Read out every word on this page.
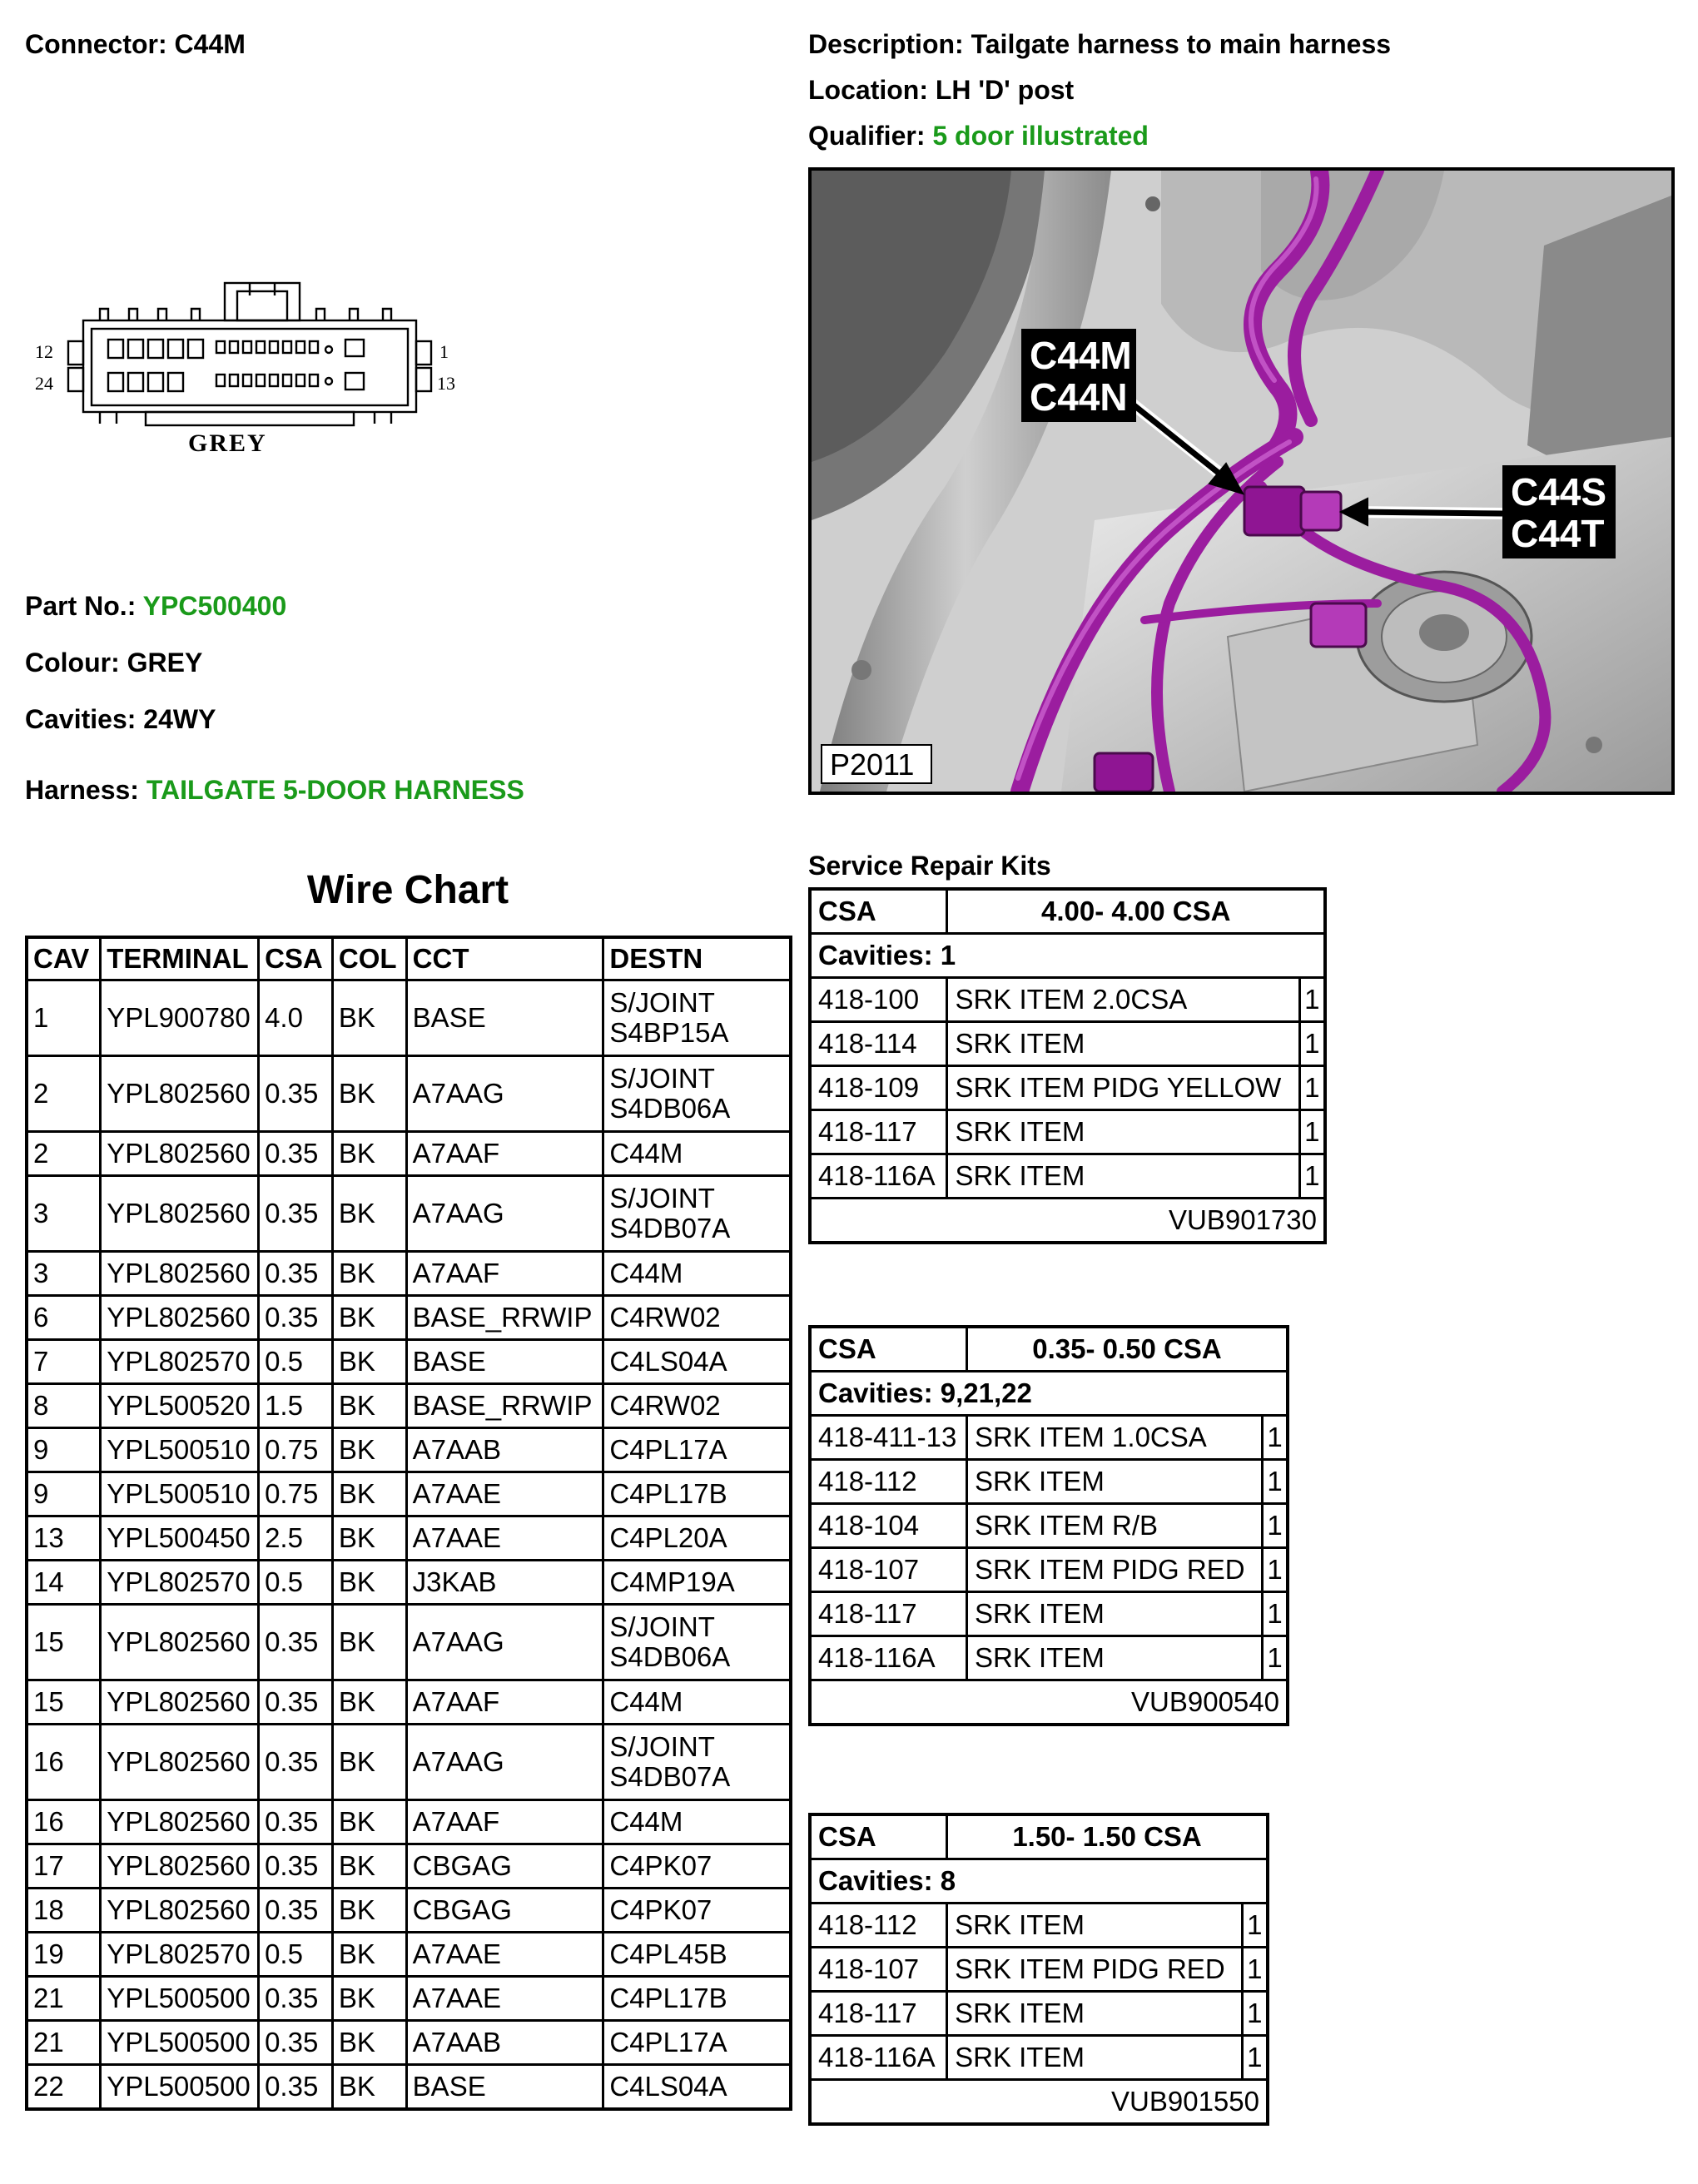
Connector: C44M	Description: Tailgate harness to main harness
Location: LH 'D' post
Qualifier: 5 door illustrated
12
24
1
13
GREY
Part No.: YPC500400
Colour: GREY
Cavities: 24WY
Harness: TAILGATE 5-DOOR HARNESS
C44M
C44N
C44S
C44T
P2011
Wire Chart
CAV	TERMINAL	CSA	COL	CCT	DESTN
1	YPL900780	4.0	BK	BASE	S/JOINT
S4BP15A
2	YPL802560	0.35	BK	A7AAG	S/JOINT
S4DB06A
2	YPL802560	0.35	BK	A7AAF	C44M
3	YPL802560	0.35	BK	A7AAG	S/JOINT
S4DB07A
3	YPL802560	0.35	BK	A7AAF	C44M
6	YPL802560	0.35	BK	BASE_RRWIP	C4RW02
7	YPL802570	0.5	BK	BASE	C4LS04A
8	YPL500520	1.5	BK	BASE_RRWIP	C4RW02
9	YPL500510	0.75	BK	A7AAB	C4PL17A
9	YPL500510	0.75	BK	A7AAE	C4PL17B
13	YPL500450	2.5	BK	A7AAE	C4PL20A
14	YPL802570	0.5	BK	J3KAB	C4MP19A
15	YPL802560	0.35	BK	A7AAG	S/JOINT
S4DB06A
15	YPL802560	0.35	BK	A7AAF	C44M
16	YPL802560	0.35	BK	A7AAG	S/JOINT
S4DB07A
16	YPL802560	0.35	BK	A7AAF	C44M
17	YPL802560	0.35	BK	CBGAG	C4PK07
18	YPL802560	0.35	BK	CBGAG	C4PK07
19	YPL802570	0.5	BK	A7AAE	C4PL45B
21	YPL500500	0.35	BK	A7AAE	C4PL17B
21	YPL500500	0.35	BK	A7AAB	C4PL17A
22	YPL500500	0.35	BK	BASE	C4LS04A
Service Repair Kits
CSA	4.00- 4.00 CSA	
Cavities: 1		
418-100	SRK ITEM 2.0CSA	1
418-114	SRK ITEM	1
418-109	SRK ITEM PIDG YELLOW	1
418-117	SRK ITEM	1
418-116A	SRK ITEM	1
VUB901730		
CSA	0.35- 0.50 CSA	
Cavities: 9,21,22		
418-411-13	SRK ITEM 1.0CSA	1
418-112	SRK ITEM	1
418-104	SRK ITEM R/B	1
418-107	SRK ITEM PIDG RED	1
418-117	SRK ITEM	1
418-116A	SRK ITEM	1
VUB900540		
CSA	1.50- 1.50 CSA	
Cavities: 8		
418-112	SRK ITEM	1
418-107	SRK ITEM PIDG RED	1
418-117	SRK ITEM	1
418-116A	SRK ITEM	1
VUB901550		
